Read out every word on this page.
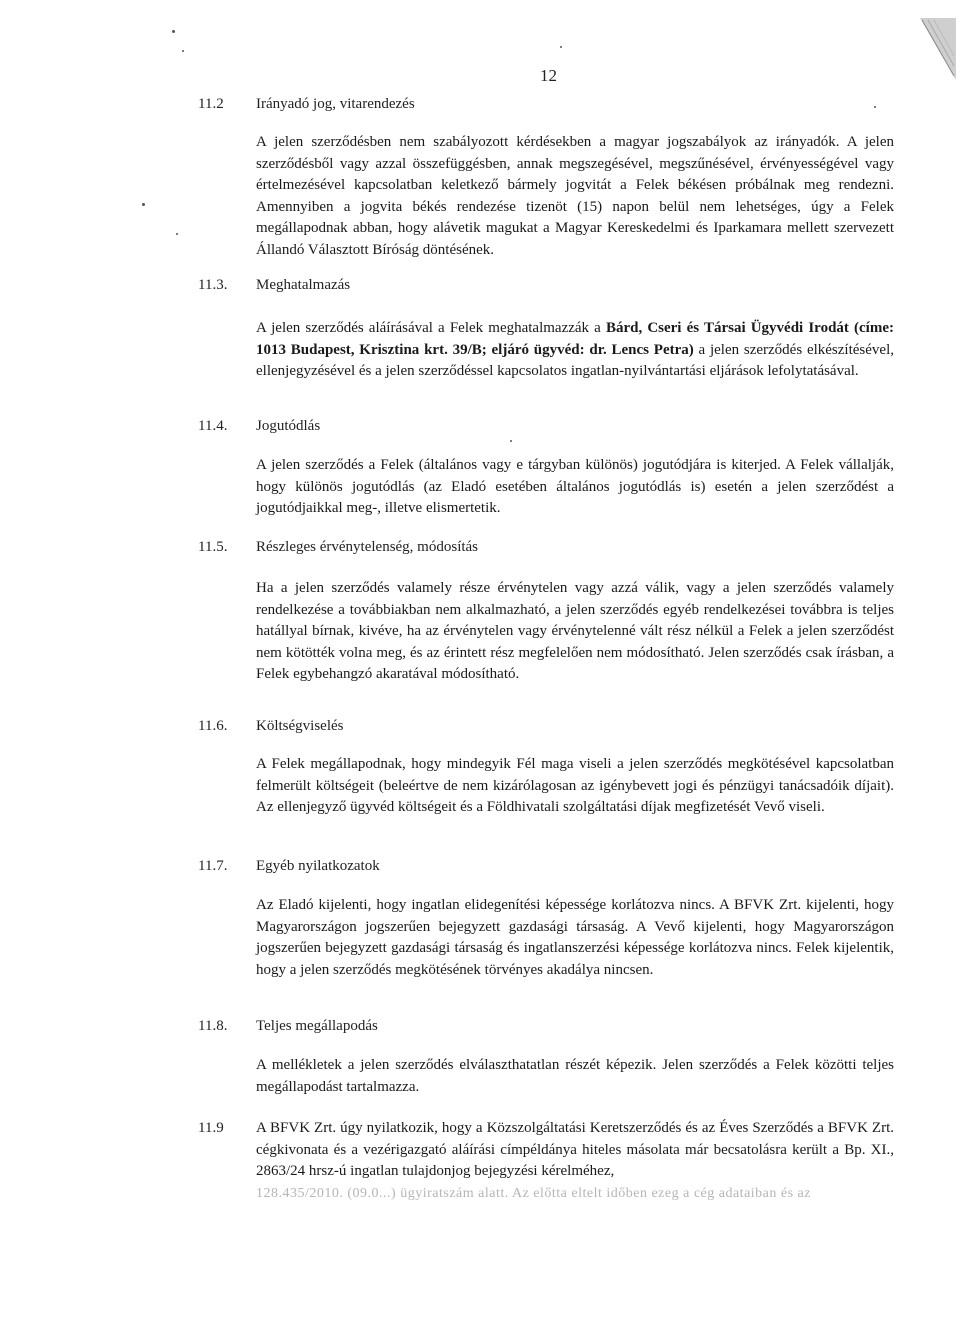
12
11.2 Irányadó jog, vitarendezés
A jelen szerződésben nem szabályozott kérdésekben a magyar jogszabályok az irányadók. A jelen szerződésből vagy azzal összefüggésben, annak megszegésével, megszűnésével, érvényességével vagy értelmezésével kapcsolatban keletkező bármely jogvitát a Felek békésen próbálnak meg rendezni. Amennyiben a jogvita békés rendezése tizenöt (15) napon belül nem lehetséges, úgy a Felek megállapodnak abban, hogy alávetik magukat a Magyar Kereskedelmi és Iparkamara mellett szervezett Állandó Választott Bíróság döntésének.
11.3. Meghatalmazás
A jelen szerződés aláírásával a Felek meghatalmazzák a Bárd, Cseri és Társai Ügyvédi Irodát (címe: 1013 Budapest, Krisztina krt. 39/B; eljáró ügyvéd: dr. Lencs Petra) a jelen szerződés elkészítésével, ellenjegyzésével és a jelen szerződéssel kapcsolatos ingatlan-nyilvántartási eljárások lefolytatásával.
11.4. Jogutódlás
A jelen szerződés a Felek (általános vagy e tárgyban különös) jogutódjára is kiterjed. A Felek vállalják, hogy különös jogutódlás (az Eladó esetében általános jogutódlás is) esetén a jelen szerződést a jogutódjaikkal meg-, illetve elismertetik.
11.5. Részleges érvénytelenség, módosítás
Ha a jelen szerződés valamely része érvénytelen vagy azzá válik, vagy a jelen szerződés valamely rendelkezése a továbbiakban nem alkalmazható, a jelen szerződés egyéb rendelkezései továbbra is teljes hatállyal bírnak, kivéve, ha az érvénytelen vagy érvénytelenné vált rész nélkül a Felek a jelen szerződést nem kötötték volna meg, és az érintett rész megfelelően nem módosítható. Jelen szerződés csak írásban, a Felek egybehangzó akaratával módosítható.
11.6. Költségviselés
A Felek megállapodnak, hogy mindegyik Fél maga viseli a jelen szerződés megkötésével kapcsolatban felmerült költségeit (beleértve de nem kizárólagosan az igénybevett jogi és pénzügyi tanácsadóik díjait). Az ellenjegyző ügyvéd költségeit és a Földhivatali szolgáltatási díjak megfizetését Vevő viseli.
11.7. Egyéb nyilatkozatok
Az Eladó kijelenti, hogy ingatlan elidegenítési képessége korlátozva nincs. A BFVK Zrt. kijelenti, hogy Magyarországon jogszerűen bejegyzett gazdasági társaság. A Vevő kijelenti, hogy Magyarországon jogszerűen bejegyzett gazdasági társaság és ingatlanszerzési képessége korlátozva nincs. Felek kijelentik, hogy a jelen szerződés megkötésének törvényes akadálya nincsen.
11.8. Teljes megállapodás
A mellékletek a jelen szerződés elválaszthatatlan részét képezik. Jelen szerződés a Felek közötti teljes megállapodást tartalmazza.
11.9 A BFVK Zrt. úgy nyilatkozik, hogy a Közszolgáltatási Keretszerződés és az Éves Szerződés a BFVK Zrt. cégkivonata és a vezérigazgató aláírási címpéldánya hiteles másolata már becsatolásra került a Bp. XI., 2863/24 hrsz-ú ingatlan tulajdonjog bejegyzési kérelméhez,
128.435/2010. (09.0...) ügyiratszám alatt. Az előtta eltelt időben ezeg a cég adataiban és az
